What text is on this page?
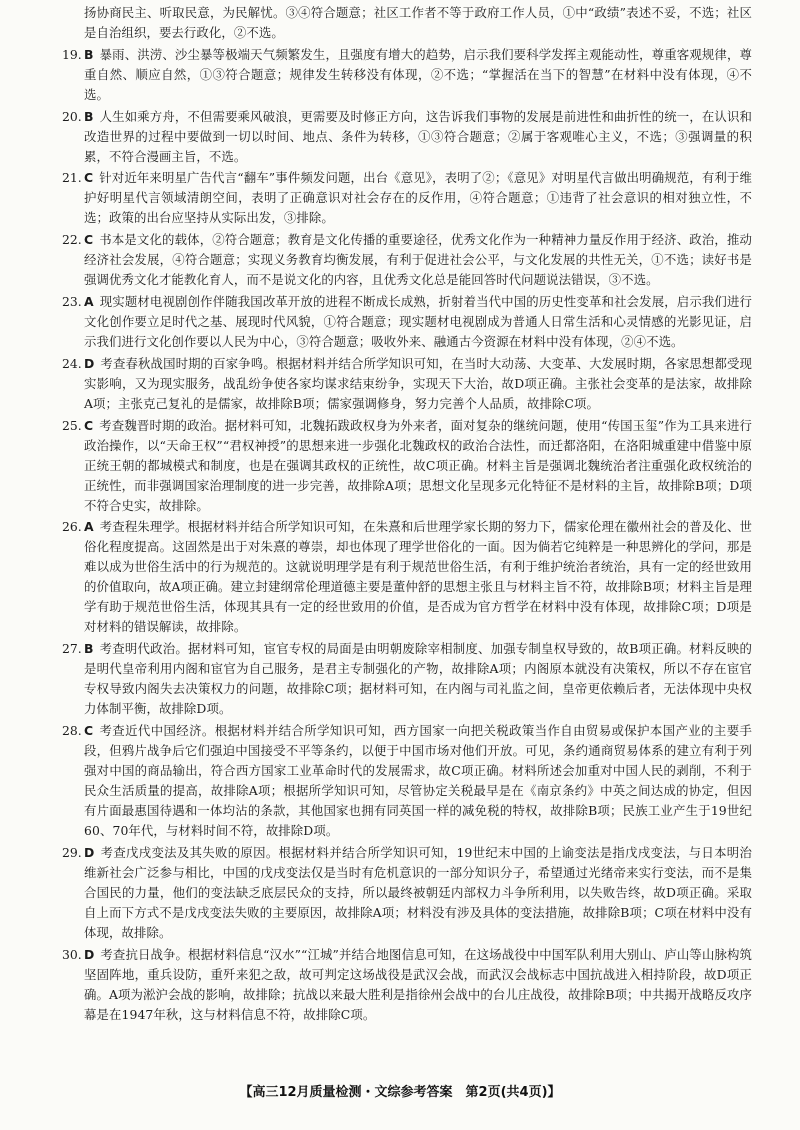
扬协商民主、听取民意，为民解忧。③④符合题意；社区工作者不等于政府工作人员，①中“政绩”表述不妥，不选；社区是自治组织，要去行政化，②不选。

19. B 暴雨、洪涝、沙尘暴等极端天气频繁发生，且强度有增大的趋势，启示我们要科学发挥主观能动性，尊重客观规律，尊重自然、顺应自然，①③符合题意；规律发生转移没有体现，②不选；“掌握活在当下的智慧”在材料中没有体现，④不选。
20. B 人生如乘方舟，不但需要乘风破浪，更需要及时修正方向，这告诉我们事物的发展是前进性和曲折性的统一，在认识和改造世界的过程中要做到一切以时间、地点、条件为转移，①③符合题意；②属于客观唯心主义，不选；③强调量的积累，不符合漫画主旨，不选。
21. C 针对近年来明星广告代言“翻车”事件频发问题，出台《意见》，表明了②；《意见》对明星代言做出明确规范，有利于维护好明星代言领域清朗空间，表明了正确意识对社会存在的反作用，④符合题意；①违背了社会意识的相对独立性，不选；政策的出台应坚持从实际出发，③排除。
22. C 书本是文化的载体，②符合题意；教育是文化传播的重要途径，优秀文化作为一种精神力量反作用于经济、政治，推动经济社会发展，④符合题意；实现义务教育均衡发展，有利于促进社会公平，与文化发展的共性无关，①不选；读好书是强调优秀文化才能教化育人，而不是说文化的内容，且优秀文化总是能回答时代问题说法错误，③不选。
23. A 现实题材电视剧创作伴随我国改革开放的进程不断成长成熟，折射着当代中国的历史性变革和社会发展，启示我们进行文化创作要立足时代之基、展现时代风貌，①符合题意；现实题材电视剧成为普通人日常生活和心灵情感的光影见证，启示我们进行文化创作要以人民为中心，③符合题意；吸收外来、融通古今资源在材料中没有体现，②④不选。
24. D 考查春秋战国时期的百家争鸣。根据材料并结合所学知识可知，在当时大动荡、大变革、大发展时期，各家思想都受现实影响，又为现实服务，战乱纷争使各家均谋求结束纷争，实现天下大治，故D项正确。主张社会变革的是法家，故排除A项；主张克己复礼的是儒家，故排除B项；儒家强调修身，努力完善个人品质，故排除C项。
25. C 考查魏晋时期的政治。据材料可知，北魏拓跋政权身为外来者，面对复杂的继统问题，使用“传国玉玺”作为工具来进行政治操作，以“天命王权”“君权神授”的思想来进一步强化北魏政权的政治合法性，而迁都洛阳，在洛阳城重建中借鉴中原正统王朝的都城模式和制度，也是在强调其政权的正统性，故C项正确。材料主旨是强调北魏统治者注重强化政权统治的正统性，而非强调国家治理制度的进一步完善，故排除A项；思想文化呈现多元化特征不是材料的主旨，故排除B项；D项不符合史实，故排除。
26. A 考查程朱理学。根据材料并结合所学知识可知，在朱熹和后世理学家长期的努力下，儒家伦理在徽州社会的普及化、世俗化程度提高。这固然是出于对朱熹的尊崇，却也体现了理学世俗化的一面。因为倘若它纯粹是一种思辨化的学问，那是难以成为世俗生活中的行为规范的。这就说明理学是有利于规范世俗生活，有利于维护统治者统治，具有一定的经世致用的价值取向，故A项正确。建立封建纲常伦理道德主要是董仲舒的思想主张且与材料主旨不符，故排除B项；材料主旨是理学有助于规范世俗生活，体现其具有一定的经世致用的价值，是否成为官方哲学在材料中没有体现，故排除C项；D项是对材料的错误解读，故排除。
27. B 考查明代政治。据材料可知，宦官专权的局面是由明朝废除宰相制度、加强专制皇权导致的，故B项正确。材料反映的是明代皇帝利用内阁和宦官为自己服务，是君主专制强化的产物，故排除A项；内阁原本就没有决策权，所以不存在宦官专权导致内阁失去决策权力的问题，故排除C项；据材料可知，在内阁与司礼监之间，皇帝更依赖后者，无法体现中央权力体制平衡，故排除D项。
28. C 考查近代中国经济。根据材料并结合所学知识可知，西方国家一向把关税政策当作自由贸易或保护本国产业的主要手段，但鸦片战争后它们强迫中国接受不平等条约，以便于中国市场对他们开放。可见，条约通商贸易体系的建立有利于列强对中国的商品输出，符合西方国家工业革命时代的发展需求，故C项正确。材料所述会加重对中国人民的剥削，不利于民众生活质量的提高，故排除A项；根据所学知识可知，尽管协定关税最早是在《南京条约》中英之间达成的协定，但因有片面最惠国待遇和一体均沾的条款，其他国家也拥有同英国一样的减免税的特权，故排除B项；民族工业产生于19世纪60、70年代，与材料时间不符，故排除D项。
29. D 考查戊戌变法及其失败的原因。根据材料并结合所学知识可知，19世纪末中国的上谕变法是指戊戌变法，与日本明治维新社会广泛参与相比，中国的戊戌变法仅是当时有危机意识的一部分知识分子，希望通过光绪帝来实行变法，而不是集合国民的力量，他们的变法缺乏底层民众的支持，所以最终被朝廷内部权力斗争所利用，以失败告终，故D项正确。采取自上而下方式不是戊戌变法失败的主要原因，故排除A项；材料没有涉及具体的变法措施，故排除B项；C项在材料中没有体现，故排除。
30. D 考查抗日战争。根据材料信息“汉水”“江城”并结合地图信息可知，在这场战役中中国军队利用大别山、庐山等山脉构筑坚固阵地，重兵设防，重歼来犯之敌，故可判定这场战役是武汉会战，而武汉会战标志中国抗战进入相持阶段，故D项正确。A项为淞沪会战的影响，故排除；抗战以来最大胜利是指徐州会战中的台儿庄战役，故排除B项；中共揭开战略反攻序幕是在1947年秋，这与材料信息不符，故排除C项。
【高三12月质量检测・文综参考答案　第2页(共4页)】
